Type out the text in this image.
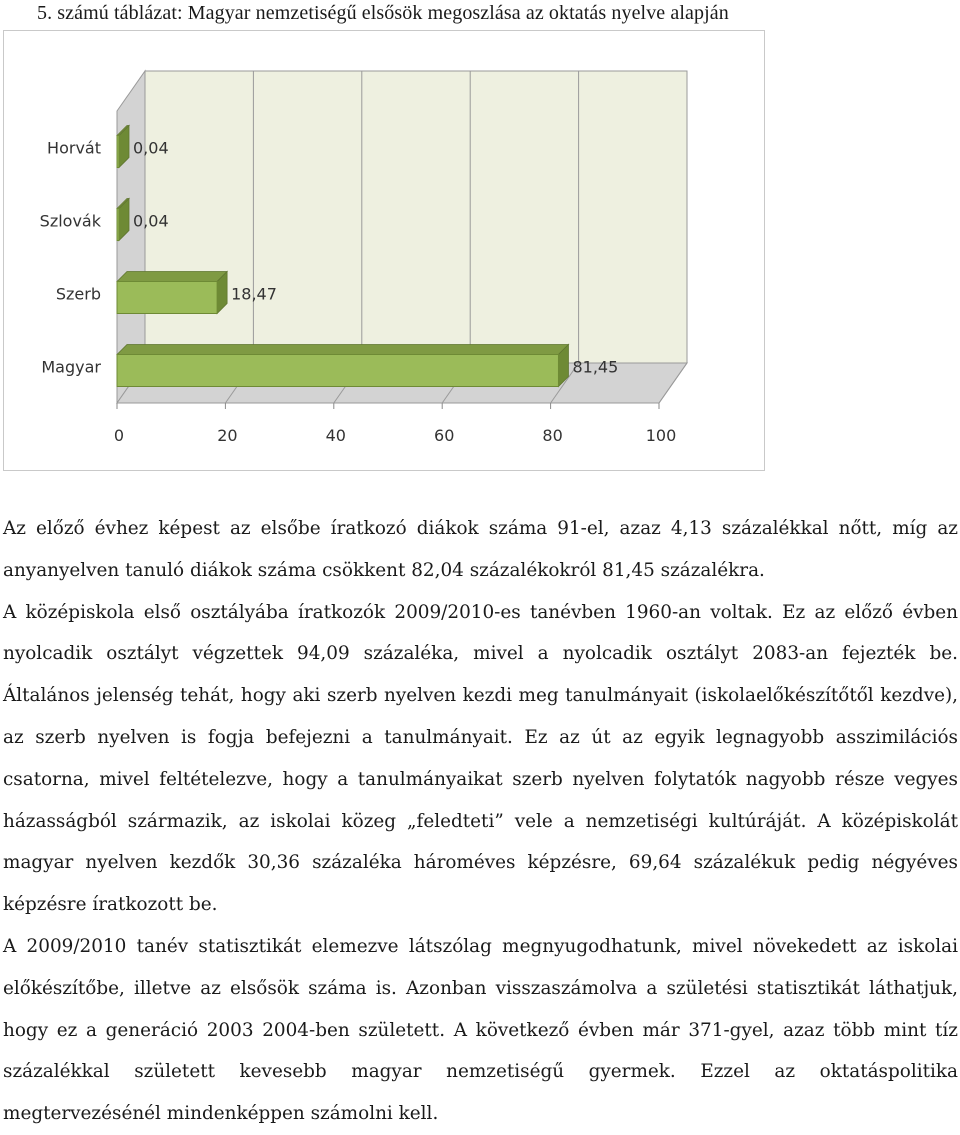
5. számú táblázat: Magyar nemzetiségű elsősök megoszlása az oktatás nyelve alapján
0	20	40	60	80	100
Horvát 0,04
Szlovák 0,04
Szerb	18,47
Magyar	81,45

Az előző évhez képest az elsőbe íratkozó diákok száma 91-el, azaz 4,13 százalékkal nőtt, míg az anyanyelven tanuló diákok száma csökkent 82,04 százalékokról 81,45 százalékra.

A középiskola első osztályába íratkozók 2009/2010-es tanévben 1960-an voltak. Ez az előző évben nyolcadik osztályt végzettek 94,09 százaléka, mivel a nyolcadik osztályt 2083-an fejezték be. Általános jelenség tehát, hogy aki szerb nyelven kezdi meg tanulmányait (iskolaelőkészítőtől kezdve), az szerb nyelven is fogja befejezni a tanulmányait. Ez az út az egyik legnagyobb asszimilációs csatorna, mivel feltételezve, hogy a tanulmányaikat szerb nyelven folytatók nagyobb része vegyes házasságból származik, az iskolai közeg „feledteti” vele a nemzetiségi kultúráját. A középiskolát magyar nyelven kezdők 30,36 százaléka hároméves képzésre, 69,64 százalékuk pedig négyéves képzésre íratkozott be.

A 2009/2010 tanév statisztikát elemezve látszólag megnyugodhatunk, mivel növekedett az iskolai előkészítőbe, illetve az elsősök száma is. Azonban visszaszámolva a születési statisztikát láthatjuk, hogy ez a generáció 2003 2004-ben született. A következő évben már 371-gyel, azaz több mint tíz százalékkal született kevesebb magyar nemzetiségű gyermek. Ezzel az oktatáspolitika megtervezésénél mindenképpen számolni kell.
